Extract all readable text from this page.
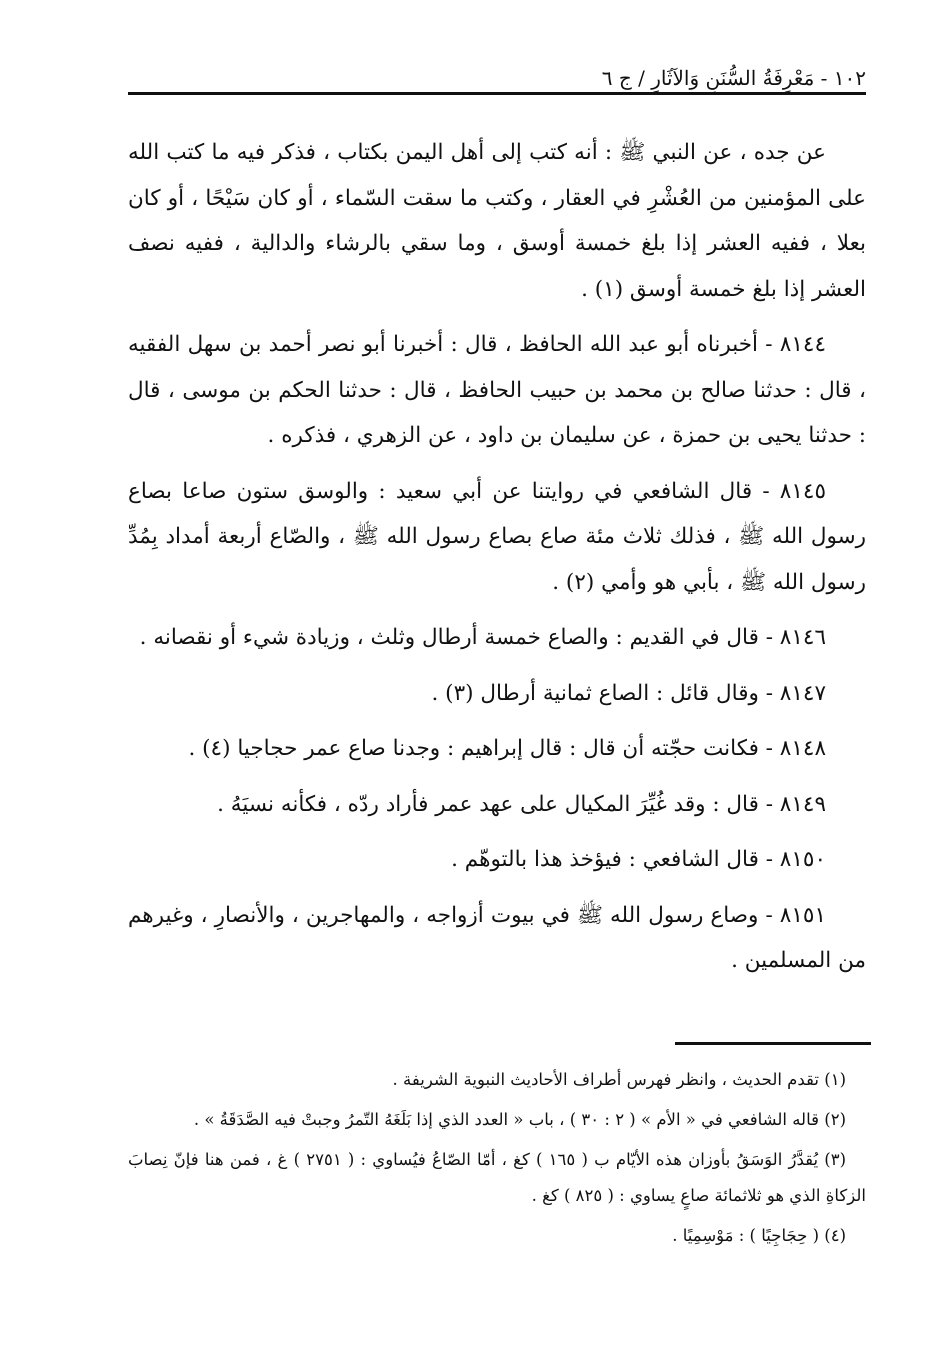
١٠٢ - مَعْرِفَةُ السُّنَنِ وَالآثَارِ / ج ٦

عن جده ، عن النبي ﷺ : أنه كتب إلى أهل اليمن بكتاب ، فذكر فيه ما كتب الله على المؤمنين من العُشْرِ في العقار ، وكتب ما سقت السّماء ، أو كان سَيْحًا ، أو كان بعلا ، ففيه العشر إذا بلغ خمسة أوسق ، وما سقي بالرشاء والدالية ، ففيه نصف العشر إذا بلغ خمسة أوسق (١) .

٨١٤٤ - أخبرناه أبو عبد الله الحافظ ، قال : أخبرنا أبو نصر أحمد بن سهل الفقيه ، قال : حدثنا صالح بن محمد بن حبيب الحافظ ، قال : حدثنا الحكم بن موسى ، قال : حدثنا يحيى بن حمزة ، عن سليمان بن داود ، عن الزهري ، فذكره .

٨١٤٥ - قال الشافعي في روايتنا عن أبي سعيد : والوسق ستون صاعا بصاع رسول الله ﷺ ، فذلك ثلاث مئة صاع بصاع رسول الله ﷺ ، والصّاع أربعة أمداد بِمُدِّ رسول الله ﷺ ، بأبي هو وأمي (٢) .

٨١٤٦ - قال في القديم : والصاع خمسة أرطال وثلث ، وزيادة شيء أو نقصانه .

٨١٤٧ - وقال قائل : الصاع ثمانية أرطال (٣) .

٨١٤٨ - فكانت حجّته أن قال : قال إبراهيم : وجدنا صاع عمر حجاجيا (٤) .

٨١٤٩ - قال : وقد غُيِّرَ المكيال على عهد عمر فأراد ردّه ، فكأنه نسيَهُ .

٨١٥٠ - قال الشافعي : فيؤخذ هذا بالتوهّم .

٨١٥١ - وصاع رسول الله ﷺ في بيوت أزواجه ، والمهاجرين ، والأنصارِ ، وغيرهم من المسلمين .

(١) تقدم الحديث ، وانظر فهرس أطراف الأحاديث النبوية الشريفة .

(٢) قاله الشافعي في « الأم » ( ٢ : ٣٠ ) ، باب « العدد الذي إذا بَلَغَهُ التّمرُ وجبتْ فيه الصَّدَقَةُ » .

(٣) يُقدَّرُ الوَسَقُ بأوزان هذه الأيّام ب ( ١٦٥ ) كغ ، أمّا الصّاعُ فيُساوي : ( ٢٧٥١ ) غ ، فمن هنا فإنّ نِصابَ الزكاةِ الذي هو ثلاثمائة صاعٍ يساوي : ( ٨٢٥ ) كغ .

(٤) ( حِجَاجِيًا ) : مَوْسِمِيًا .
